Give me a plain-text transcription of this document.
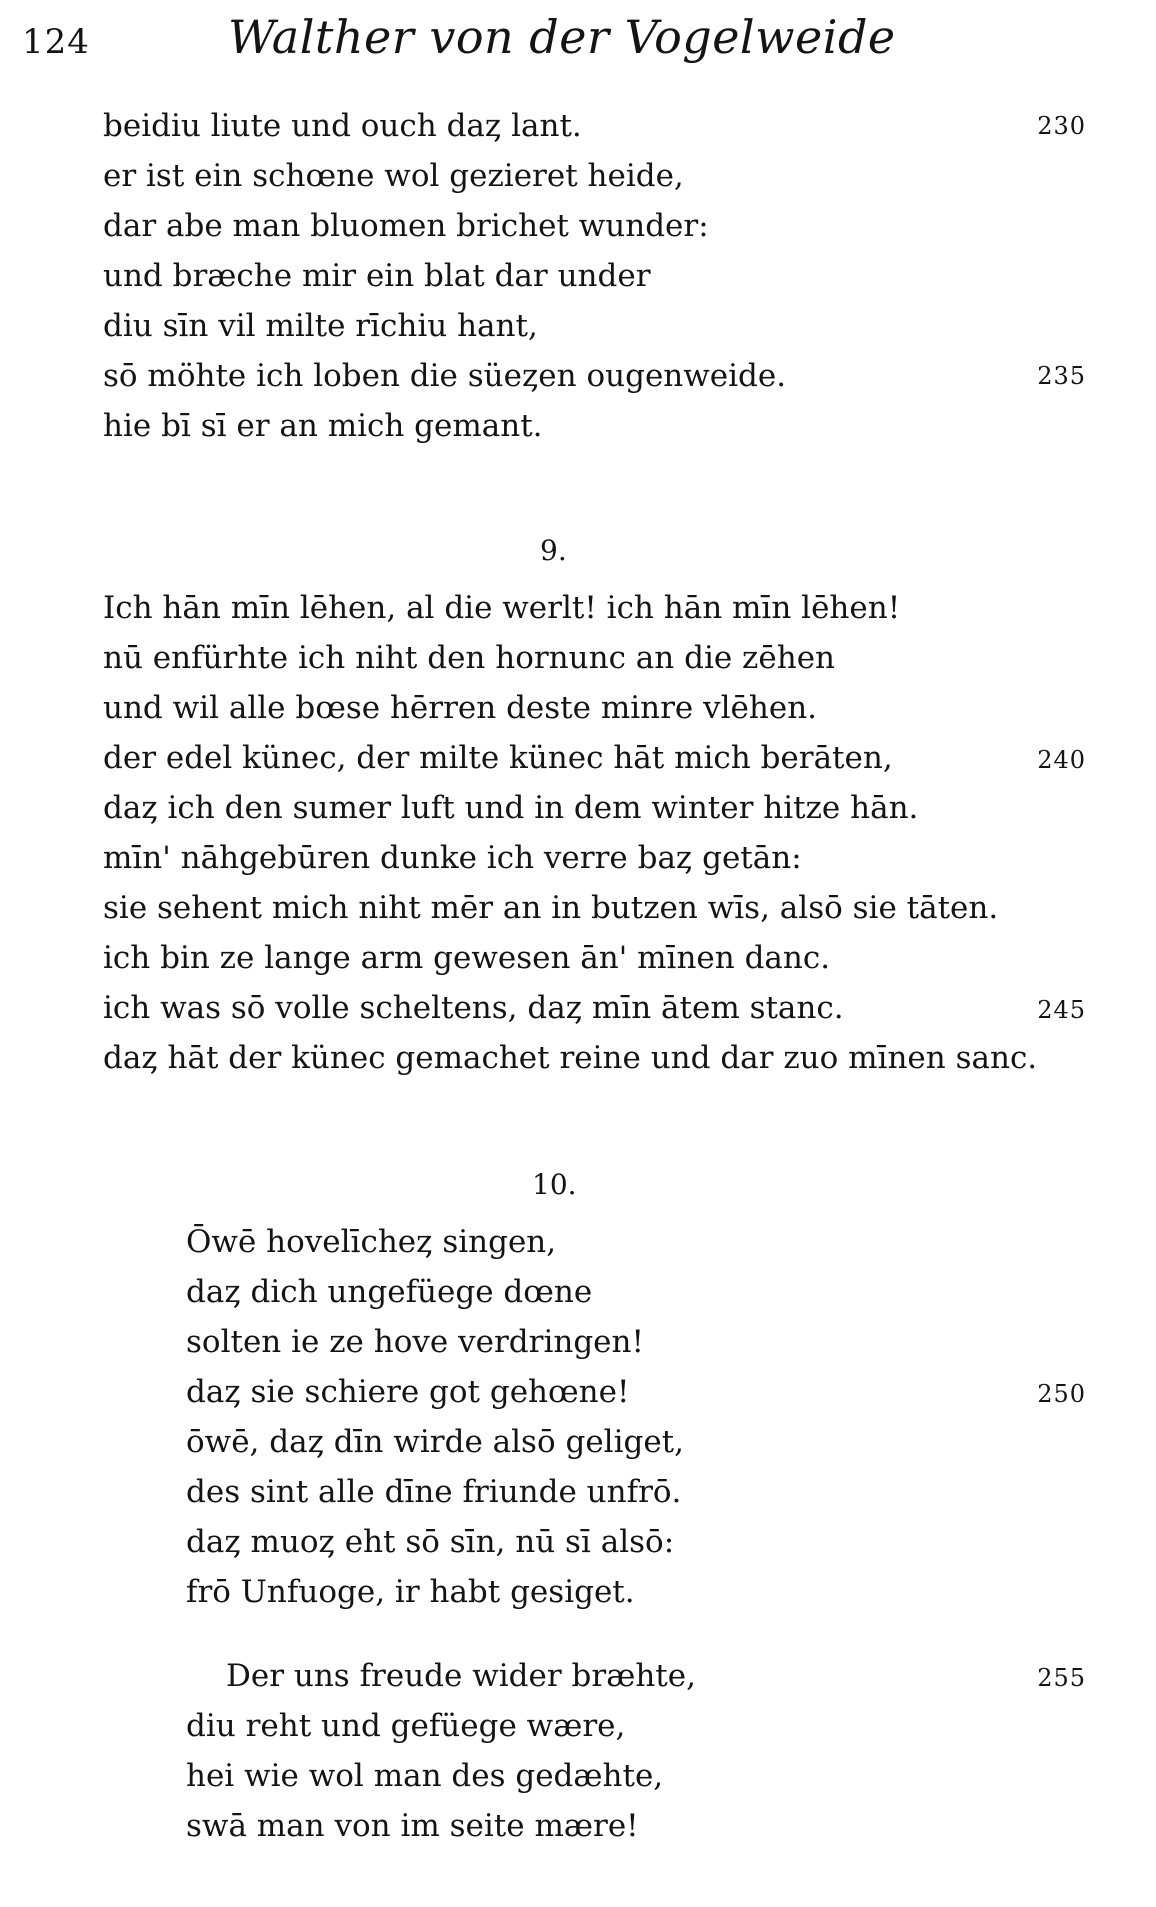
124	Walther von der Vogelweide
beidiu liute und ouch daȥ lant.	230
er ist ein schœne wol gezieret heide,
dar abe man bluomen brichet wunder:
und bræche mir ein blat dar under
diu sīn vil milte rīchiu hant,
sō möhte ich loben die süeȥen ougenweide.	235
hie bī sī er an mich gemant.
9.
Ich hān mīn lēhen, al die werlt! ich hān mīn lēhen!
nū enfürhte ich niht den hornunc an die zēhen
und wil alle bœse hērren deste minre vlēhen.
der edel künec, der milte künec hāt mich berāten,	240
daȥ ich den sumer luft und in dem winter hitze hān.
mīn' nāhgebūren dunke ich verre baȥ getān:
sie sehent mich niht mēr an in butzen wīs, alsō sie tāten.
ich bin ze lange arm gewesen ān' mīnen danc.
ich was sō volle scheltens, daȥ mīn ātem stanc.	245
daȥ hāt der künec gemachet reine und dar zuo mīnen sanc.
10.
Ōwē hovelīcheȥ singen,
daȥ dich ungefüege dœne
solten ie ze hove verdringen!
daȥ sie schiere got gehœne!	250
ōwē, daȥ dīn wirde alsō geliget,
des sint alle dīne friunde unfrō.
daȥ muoȥ eht sō sīn, nū sī alsō:
frō Unfuoge, ir habt gesiget.
Der uns freude wider bræhte,	255
diu reht und gefüege wære,
hei wie wol man des gedæhte,
swā man von im seite mære!
